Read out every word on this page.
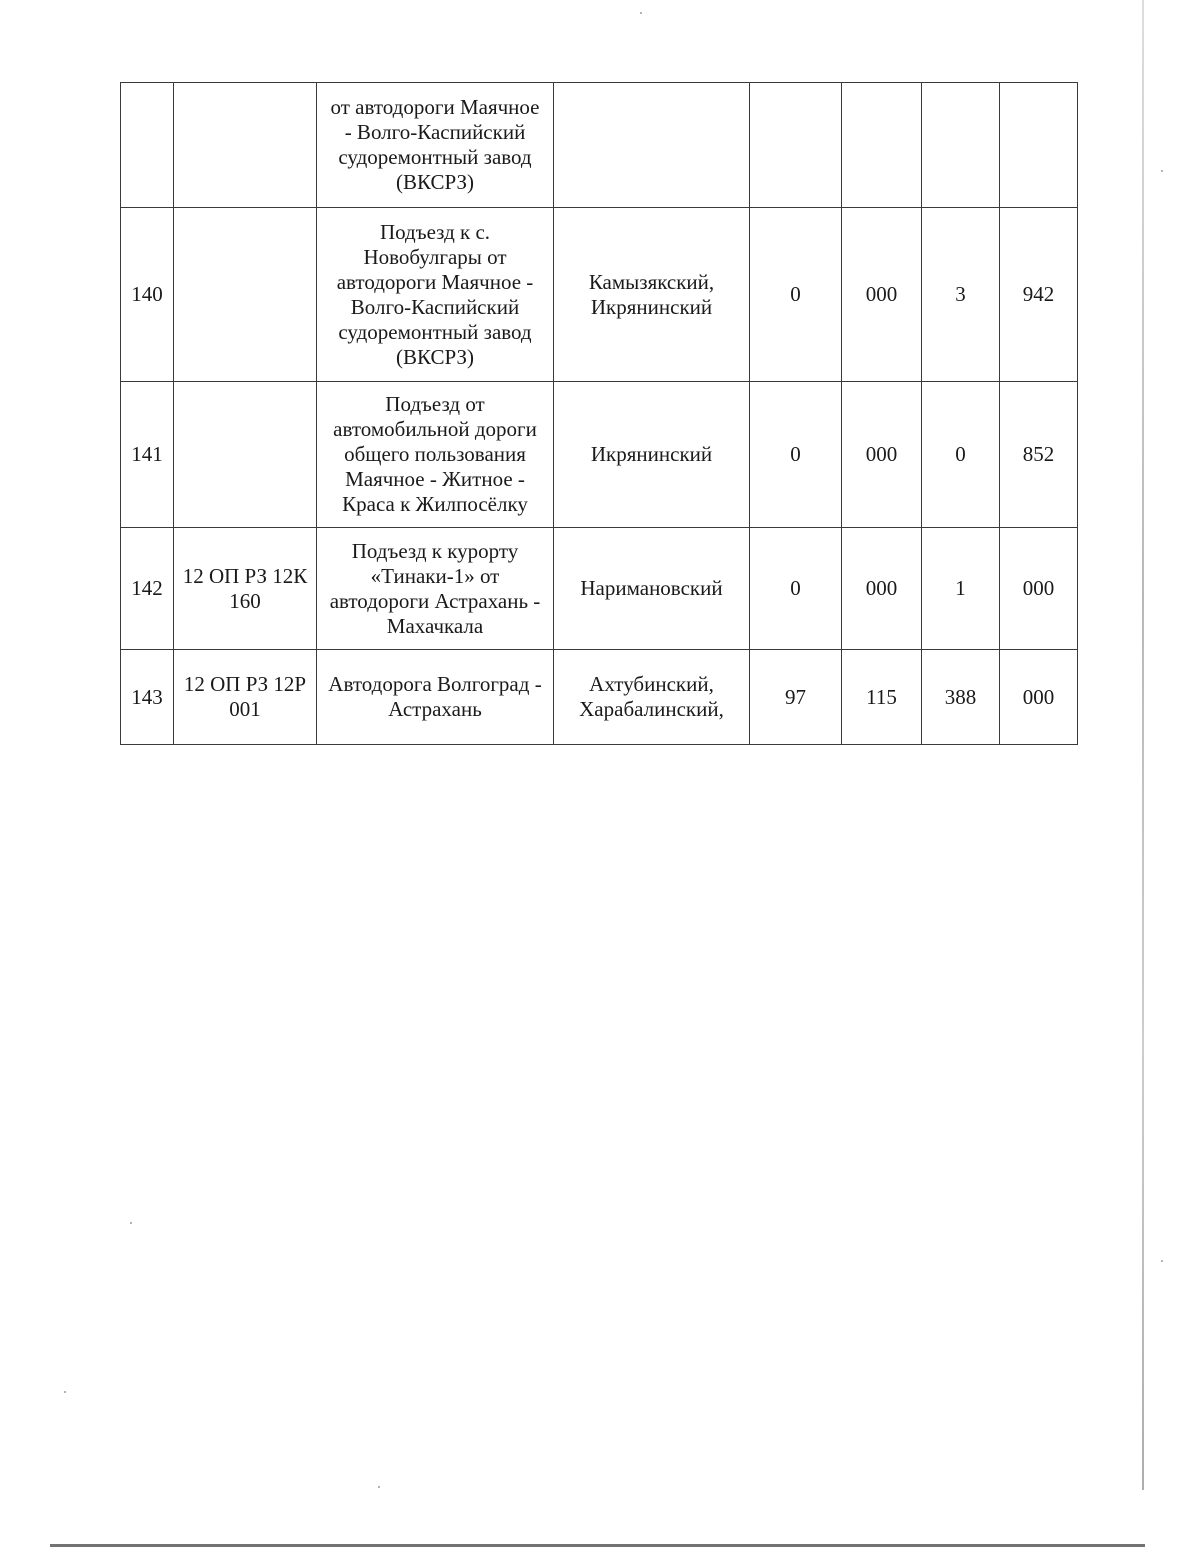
		от автодороги Маячное - Волго-Каспийский судоремонтный завод (ВКСРЗ)					
140		Подъезд к с. Новобулгары от автодороги Маячное - Волго-Каспийский судоремонтный завод (ВКСРЗ)	Камызякский, Икрянинский	0	000	3	942
141		Подъезд от автомобильной дороги общего пользования Маячное - Житное - Краса к Жилпосёлку	Икрянинский	0	000	0	852
142	12 ОП РЗ 12К 160	Подъезд к курорту «Тинаки-1» от автодороги Астрахань - Махачкала	Наримановский	0	000	1	000
143	12 ОП РЗ 12Р 001	Автодорога Волгоград - Астрахань	Ахтубинский, Харабалинский,	97	115	388	000
